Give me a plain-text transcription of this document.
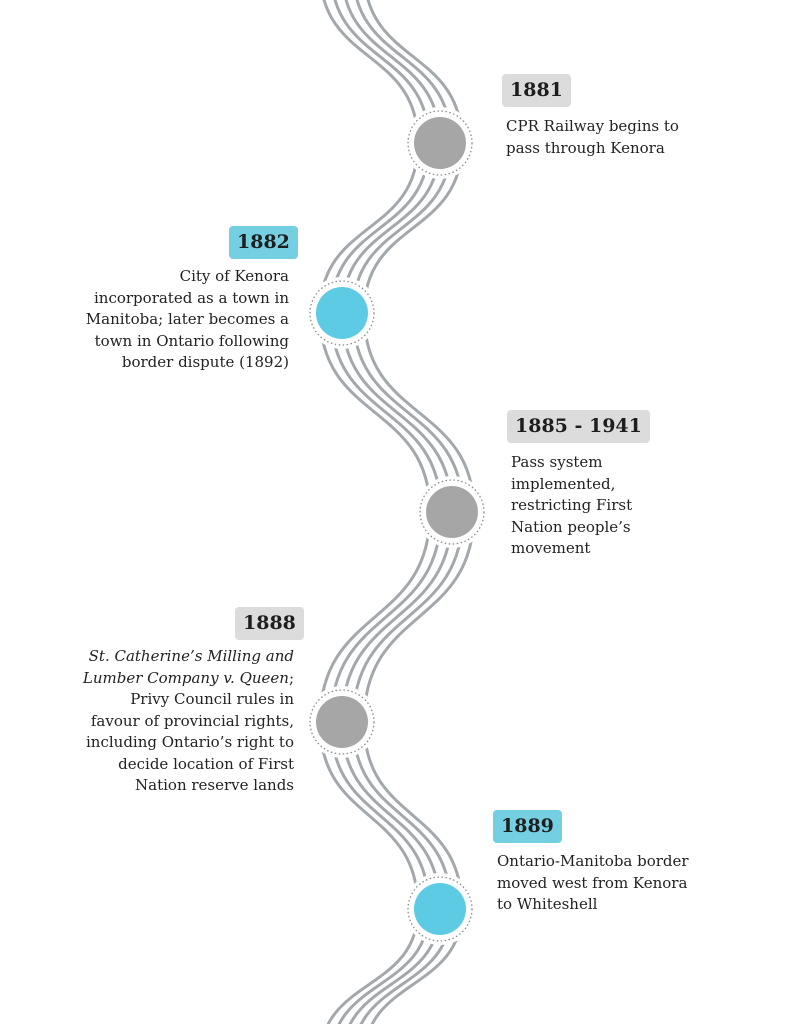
1881
CPR Railway begins to
pass through Kenora
1882
City of Kenora
incorporated as a town in
Manitoba; later becomes a
town in Ontario following
border dispute (1892)
1885 - 1941
Pass system
implemented,
restricting First
Nation people’s
movement
1888
St. Catherine’s Milling and
Lumber Company v. Queen;
Privy Council rules in
favour of provincial rights,
including Ontario’s right to
decide location of First
Nation reserve lands
1889
Ontario-Manitoba border
moved west from Kenora
to Whiteshell
